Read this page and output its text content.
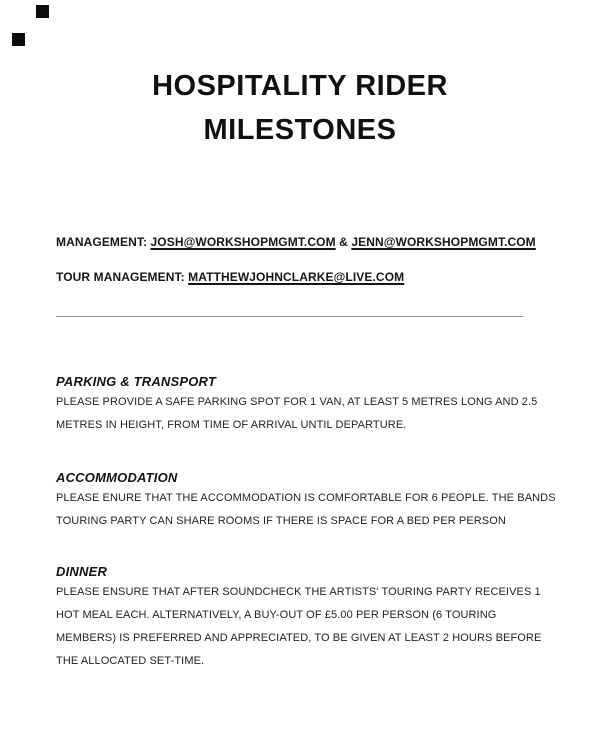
HOSPITALITY RIDER
MILESTONES
MANAGEMENT: JOSH@WORKSHOPMGMT.COM & JENN@WORKSHOPMGMT.COM
TOUR MANAGEMENT: MATTHEWJOHNCLARKE@LIVE.COM
______________________________________________________________________
PARKING & TRANSPORT
PLEASE PROVIDE A SAFE PARKING SPOT FOR 1 VAN, AT LEAST 5 METRES LONG AND 2.5
METRES IN HEIGHT, FROM TIME OF ARRIVAL UNTIL DEPARTURE.
ACCOMMODATION
PLEASE ENURE THAT THE ACCOMMODATION IS COMFORTABLE FOR 6 PEOPLE. THE BANDS
TOURING PARTY CAN SHARE ROOMS IF THERE IS SPACE FOR A BED PER PERSON
DINNER
PLEASE ENSURE THAT AFTER SOUNDCHECK THE ARTISTS' TOURING PARTY RECEIVES 1
HOT MEAL EACH. ALTERNATIVELY, A BUY-OUT OF £5.00 PER PERSON (6 TOURING
MEMBERS) IS PREFERRED AND APPRECIATED, TO BE GIVEN AT LEAST 2 HOURS BEFORE
THE ALLOCATED SET-TIME.
